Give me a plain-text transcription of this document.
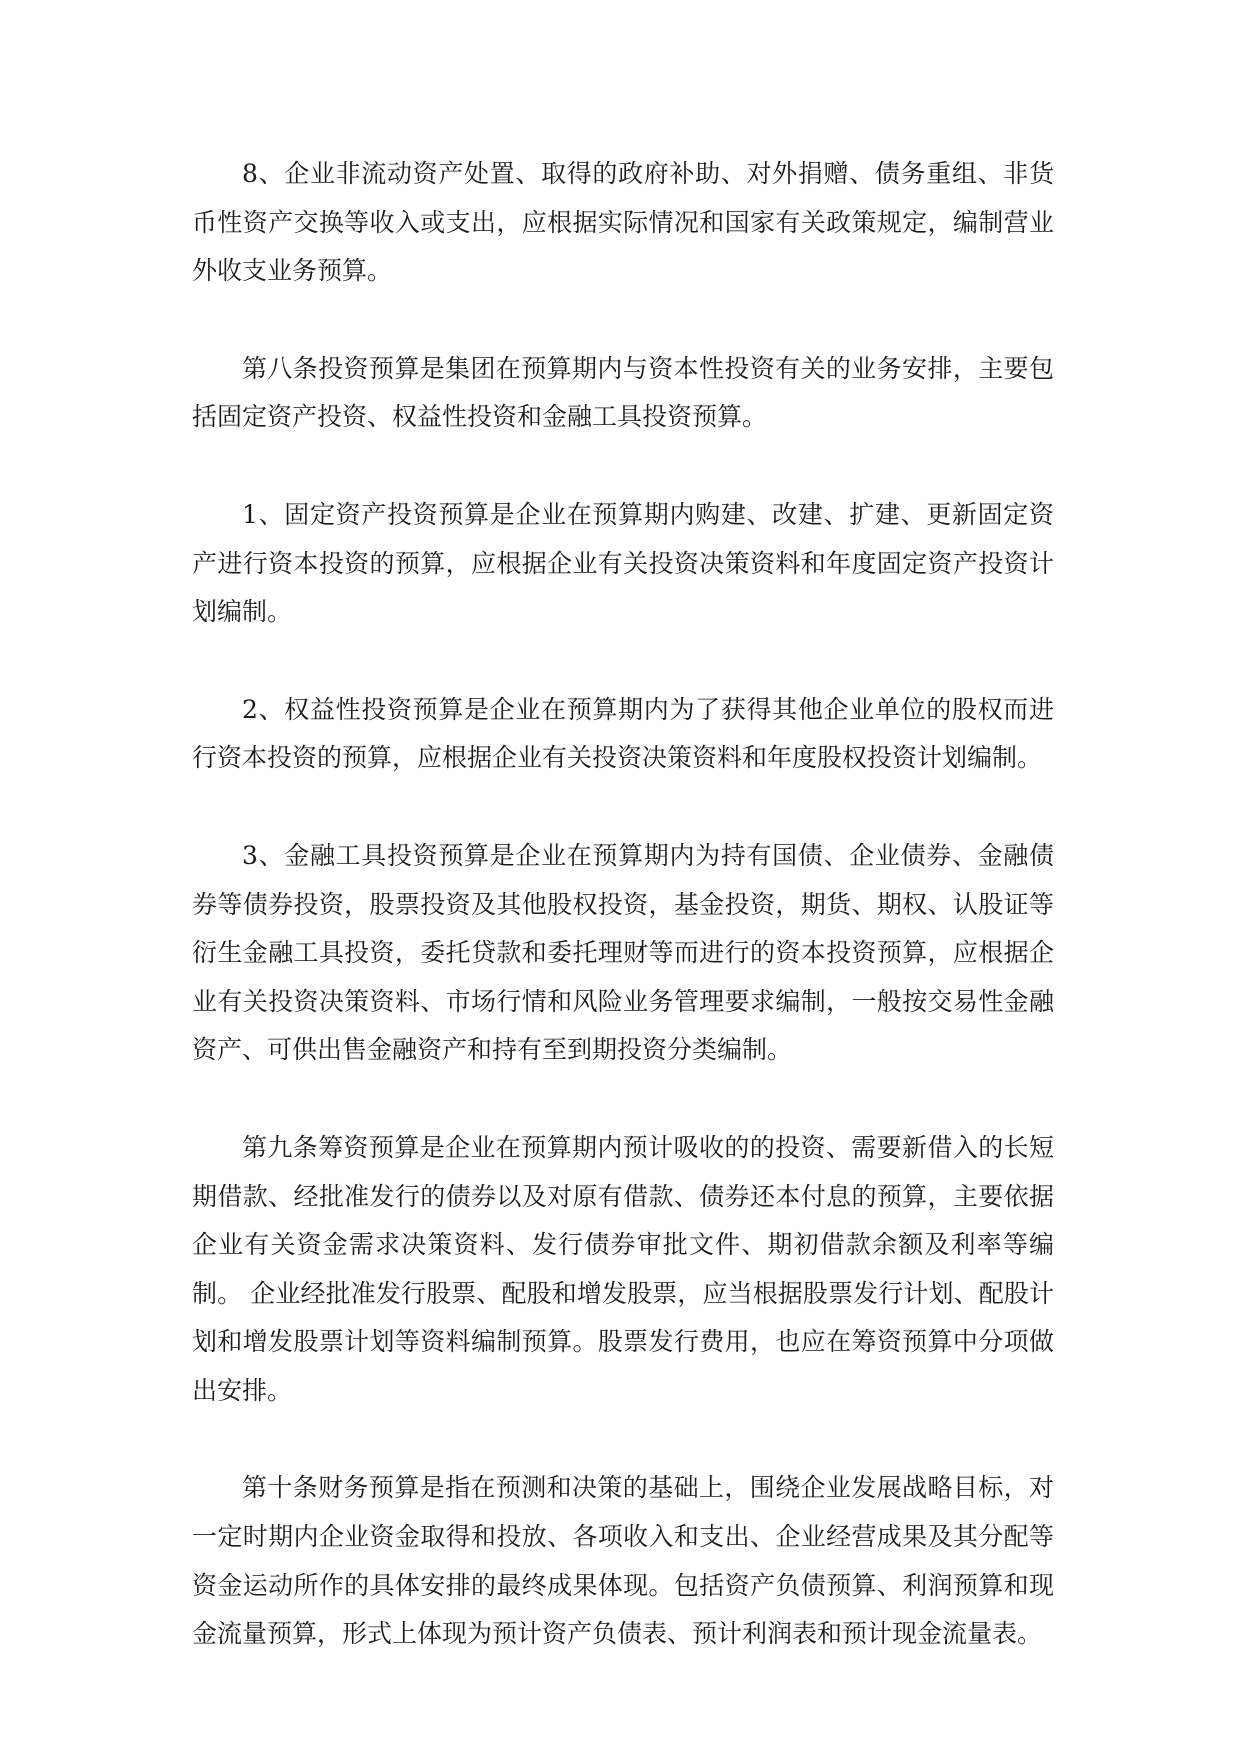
8、企业非流动资产处置、取得的政府补助、对外捐赠、债务重组、非货币性资产交换等收入或支出，应根据实际情况和国家有关政策规定，编制营业外收支业务预算。

第八条投资预算是集团在预算期内与资本性投资有关的业务安排，主要包括固定资产投资、权益性投资和金融工具投资预算。

1、固定资产投资预算是企业在预算期内购建、改建、扩建、更新固定资产进行资本投资的预算，应根据企业有关投资决策资料和年度固定资产投资计划编制。

2、权益性投资预算是企业在预算期内为了获得其他企业单位的股权而进行资本投资的预算，应根据企业有关投资决策资料和年度股权投资计划编制。

3、金融工具投资预算是企业在预算期内为持有国债、企业债券、金融债券等债券投资，股票投资及其他股权投资，基金投资，期货、期权、认股证等衍生金融工具投资，委托贷款和委托理财等而进行的资本投资预算，应根据企业有关投资决策资料、市场行情和风险业务管理要求编制，一般按交易性金融资产、可供出售金融资产和持有至到期投资分类编制。

第九条筹资预算是企业在预算期内预计吸收的的投资、需要新借入的长短期借款、经批准发行的债券以及对原有借款、债券还本付息的预算，主要依据企业有关资金需求决策资料、发行债券审批文件、期初借款余额及利率等编制。 企业经批准发行股票、配股和增发股票，应当根据股票发行计划、配股计划和增发股票计划等资料编制预算。股票发行费用，也应在筹资预算中分项做出安排。

第十条财务预算是指在预测和决策的基础上，围绕企业发展战略目标，对一定时期内企业资金取得和投放、各项收入和支出、企业经营成果及其分配等资金运动所作的具体安排的最终成果体现。包括资产负债预算、利润预算和现金流量预算，形式上体现为预计资产负债表、预计利润表和预计现金流量表。
